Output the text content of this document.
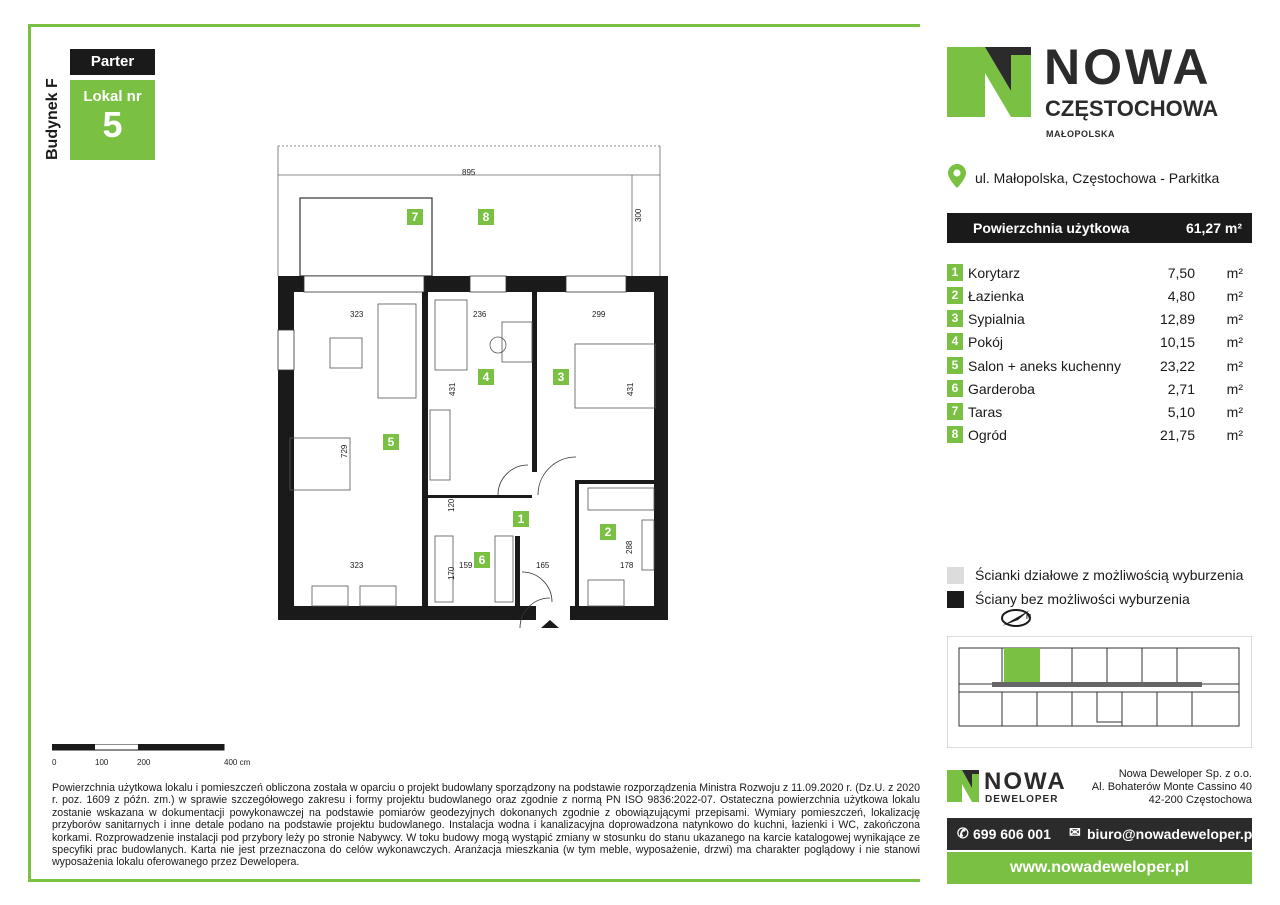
Parter
Lokal nr
5
Budynek F
895
300
323	236	299
431	431
729
120
323
170
159	165
288
178
7	8
4	3
5
1
2
6
0	100	200	400 cm
Powierzchnia użytkowa lokalu i pomieszczeń obliczona została w oparciu o projekt budowlany sporządzony na podstawie rozporządzenia Ministra Rozwoju z 11.09.2020 r. (Dz.U. z 2020 r. poz. 1609 z późn. zm.) w sprawie szczegółowego zakresu i formy projektu budowlanego oraz zgodnie z normą PN ISO 9836:2022-07. Ostateczna powierzchnia użytkowa lokalu zostanie wskazana w dokumentacji powykonawczej na podstawie pomiarów geodezyjnych dokonanych zgodnie z obowiązującymi przepisami. Wymiary pomieszczeń, lokalizację przyborów sanitarnych i inne detale podano na podstawie projektu budowlanego. Instalacja wodna i kanalizacyjna doprowadzona natynkowo do kuchni, łazienki i WC, zakończona korkami. Rozprowadzenie instalacji pod przybory leży po stronie Nabywcy. W toku budowy mogą wystąpić zmiany w stosunku do stanu ukazanego na karcie katalogowej wynikające ze specyfiki prac budowlanych. Karta nie jest przeznaczona do celów wykonawczych. Aranżacja mieszkania (w tym meble, wyposażenie, drzwi) ma charakter poglądowy i nie stanowi wyposażenia lokalu oferowanego przez Dewelopera.
NOWA
CZĘSTOCHOWA
MAŁOPOLSKA
ul. Małopolska, Częstochowa - Parkitka
Powierzchnia użytkowa	61,27 m²
1 Korytarz	7,50 m²
2 Łazienka	4,80 m²
3 Sypialnia	12,89 m²
4 Pokój	10,15 m²
5 Salon + aneks kuchenny	23,22 m²
6 Garderoba	2,71 m²
7 Taras	5,10 m²
8 Ogród	21,75 m²
Ścianki działowe z możliwością wyburzenia
Ściany bez możliwości wyburzenia
N
NOWA
DEWELOPER
Nowa Deweloper Sp. z o.o.
Al. Bohaterów Monte Cassino 40
42-200 Częstochowa
✆ 699 606 001 ✉ biuro@nowadeweloper.pl
www.nowadeweloper.pl
